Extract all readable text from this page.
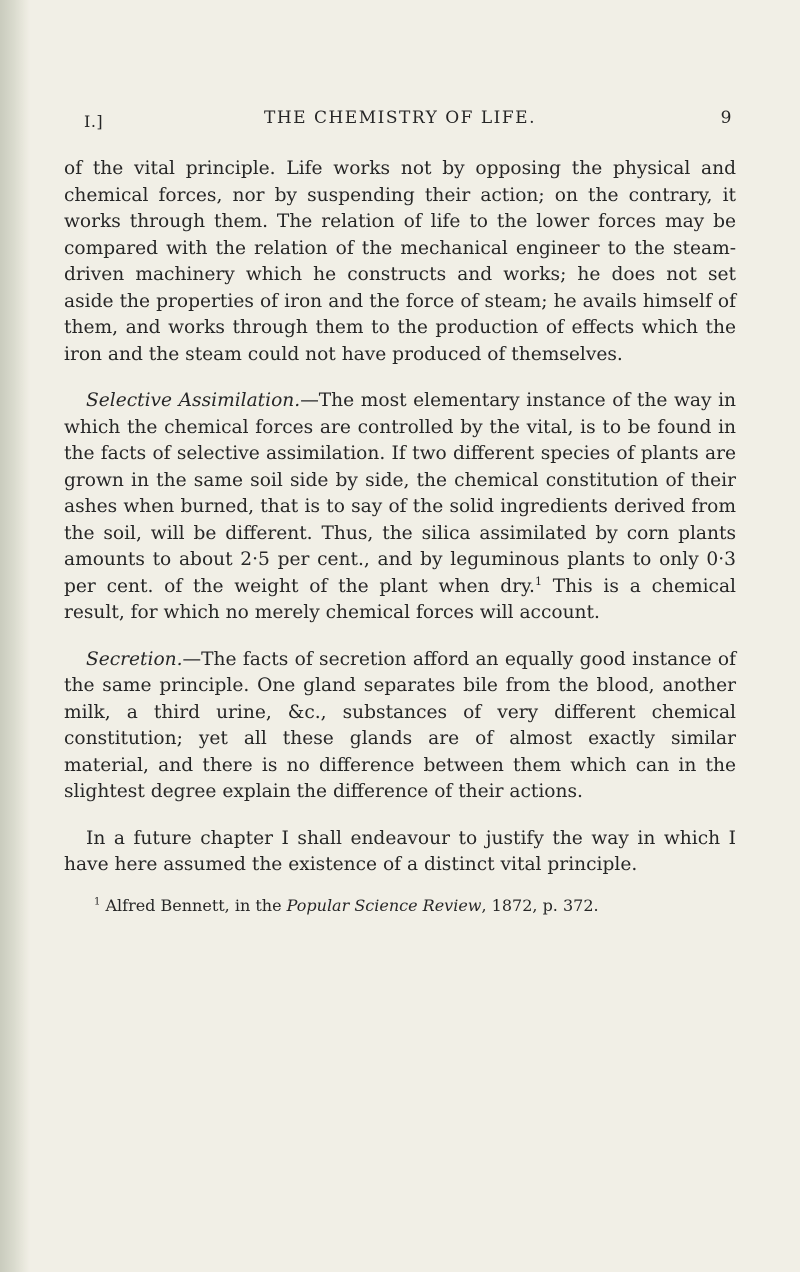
I.]	THE CHEMISTRY OF LIFE.	9

of the vital principle. Life works not by opposing the physical and chemical forces, nor by suspending their action; on the contrary, it works through them. The relation of life to the lower forces may be compared with the relation of the mechanical engineer to the steam-driven machinery which he constructs and works; he does not set aside the properties of iron and the force of steam; he avails himself of them, and works through them to the production of effects which the iron and the steam could not have produced of themselves.

Selective Assimilation.—The most elementary instance of the way in which the chemical forces are controlled by the vital, is to be found in the facts of selective assimilation. If two different species of plants are grown in the same soil side by side, the chemical constitution of their ashes when burned, that is to say of the solid ingredients derived from the soil, will be different. Thus, the silica assimilated by corn plants amounts to about 2·5 per cent., and by leguminous plants to only 0·3 per cent. of the weight of the plant when dry.$^1$ This is a chemical result, for which no merely chemical forces will account.

Secretion.—The facts of secretion afford an equally good instance of the same principle. One gland separates bile from the blood, another milk, a third urine, &c., substances of very different chemical constitution; yet all these glands are of almost exactly similar material, and there is no difference between them which can in the slightest degree explain the difference of their actions.

In a future chapter I shall endeavour to justify the way in which I have here assumed the existence of a distinct vital principle.

$^1$ Alfred Bennett, in the Popular Science Review, 1872, p. 372.
